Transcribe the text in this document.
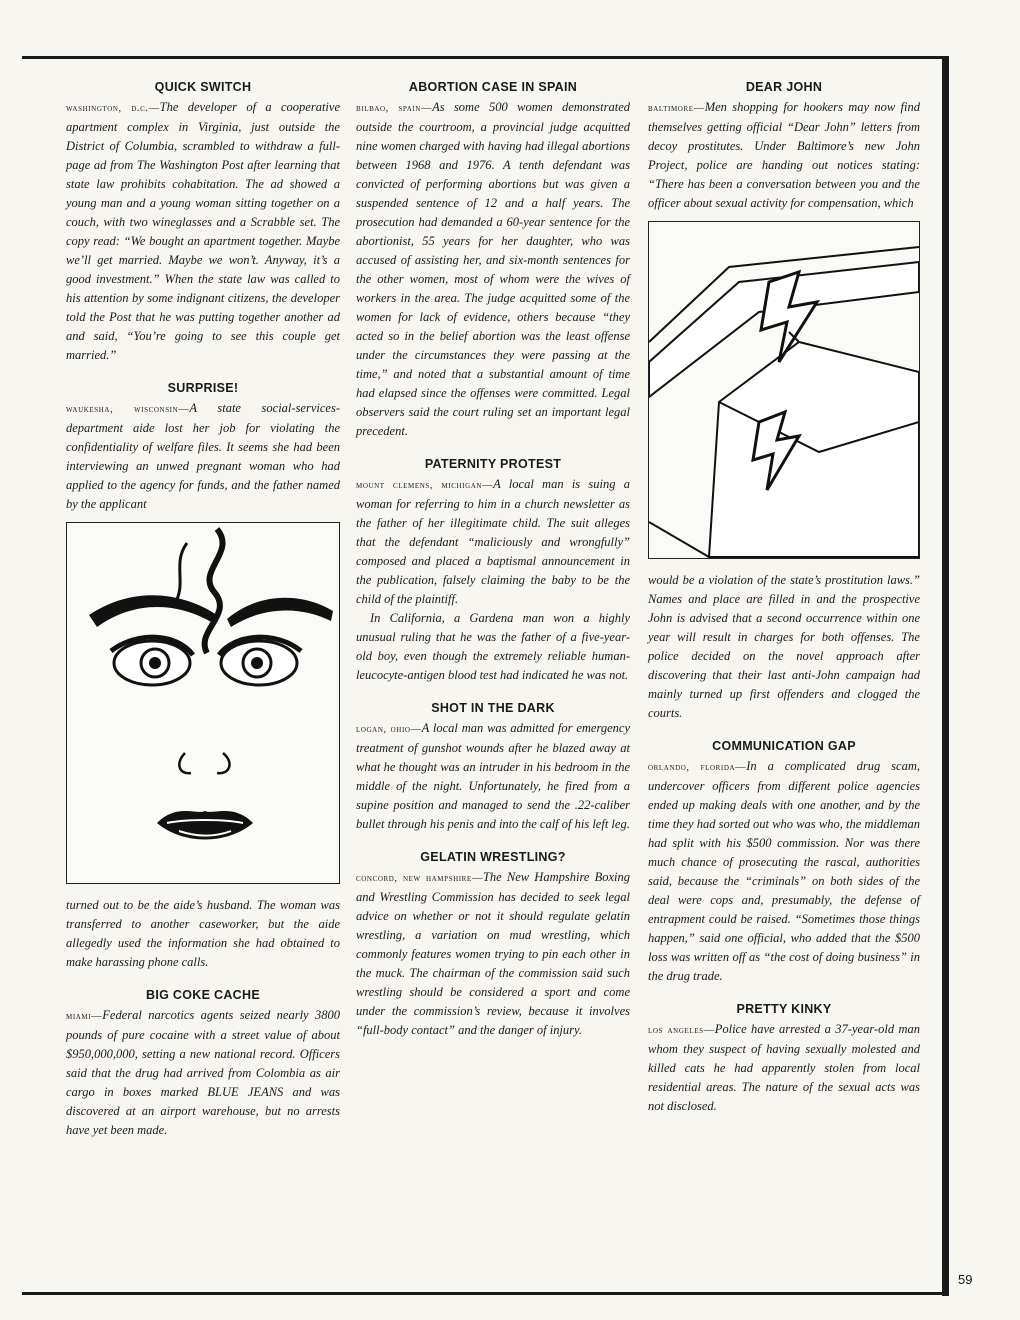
59
QUICK SWITCH

washington, d.c.—The developer of a cooperative apartment complex in Virginia, just outside the District of Columbia, scrambled to withdraw a full-page ad from The Washington Post after learning that state law prohibits cohabitation. The ad showed a young man and a young woman sitting together on a couch, with two wineglasses and a Scrabble set. The copy read: “We bought an apartment together. Maybe we’ll get married. Maybe we won’t. Anyway, it’s a good investment.” When the state law was called to his attention by some indignant citizens, the developer told the Post that he was putting together another ad and said, “You’re going to see this couple get married.”

SURPRISE!

waukesha, wisconsin—A state social-services-department aide lost her job for violating the confidentiality of welfare files. It seems she had been interviewing an unwed pregnant woman who had applied to the agency for funds, and the father named by the applicant

turned out to be the aide’s husband. The woman was transferred to another caseworker, but the aide allegedly used the information she had obtained to make harassing phone calls.

BIG COKE CACHE

miami—Federal narcotics agents seized nearly 3800 pounds of pure cocaine with a street value of about $950,000,000, setting a new national record. Officers said that the drug had arrived from Colombia as air cargo in boxes marked BLUE JEANS and was discovered at an airport warehouse, but no arrests have yet been made.

ABORTION CASE IN SPAIN

bilbao, spain—As some 500 women demonstrated outside the courtroom, a provincial judge acquitted nine women charged with having had illegal abortions between 1968 and 1976. A tenth defendant was convicted of performing abortions but was given a suspended sentence of 12 and a half years. The prosecution had demanded a 60-year sentence for the abortionist, 55 years for her daughter, who was accused of assisting her, and six-month sentences for the other women, most of whom were the wives of workers in the area. The judge acquitted some of the women for lack of evidence, others because “they acted so in the belief abortion was the least offense under the circumstances they were passing at the time,” and noted that a substantial amount of time had elapsed since the offenses were committed. Legal observers said the court ruling set an important legal precedent.

PATERNITY PROTEST

mount clemens, michigan—A local man is suing a woman for referring to him in a church newsletter as the father of her illegitimate child. The suit alleges that the defendant “maliciously and wrongfully” composed and placed a baptismal announcement in the publication, falsely claiming the baby to be the child of the plaintiff.

In California, a Gardena man won a highly unusual ruling that he was the father of a five-year-old boy, even though the extremely reliable human-leucocyte-antigen blood test had indicated he was not.

SHOT IN THE DARK

logan, ohio—A local man was admitted for emergency treatment of gunshot wounds after he blazed away at what he thought was an intruder in his bedroom in the middle of the night. Unfortunately, he fired from a supine position and managed to send the .22-caliber bullet through his penis and into the calf of his left leg.

GELATIN WRESTLING?

concord, new hampshire—The New Hampshire Boxing and Wrestling Commission has decided to seek legal advice on whether or not it should regulate gelatin wrestling, a variation on mud wrestling, which commonly features women trying to pin each other in the muck. The chairman of the commission said such wrestling should be considered a sport and come under the commission’s review, because it involves “full-body contact” and the danger of injury.

DEAR JOHN

baltimore—Men shopping for hookers may now find themselves getting official “Dear John” letters from decoy prostitutes. Under Baltimore’s new John Project, police are handing out notices stating: “There has been a conversation between you and the officer about sexual activity for compensation, which

would be a violation of the state’s prostitution laws.” Names and place are filled in and the prospective John is advised that a second occurrence within one year will result in charges for both offenses. The police decided on the novel approach after discovering that their last anti-John campaign had mainly turned up first offenders and clogged the courts.

COMMUNICATION GAP

orlando, florida—In a complicated drug scam, undercover officers from different police agencies ended up making deals with one another, and by the time they had sorted out who was who, the middleman had split with his $500 commission. Nor was there much chance of prosecuting the rascal, authorities said, because the “criminals” on both sides of the deal were cops and, presumably, the defense of entrapment could be raised. “Sometimes those things happen,” said one official, who added that the $500 loss was written off as “the cost of doing business” in the drug trade.

PRETTY KINKY

los angeles—Police have arrested a 37-year-old man whom they suspect of having sexually molested and killed cats he had apparently stolen from local residential areas. The nature of the sexual acts was not disclosed.
